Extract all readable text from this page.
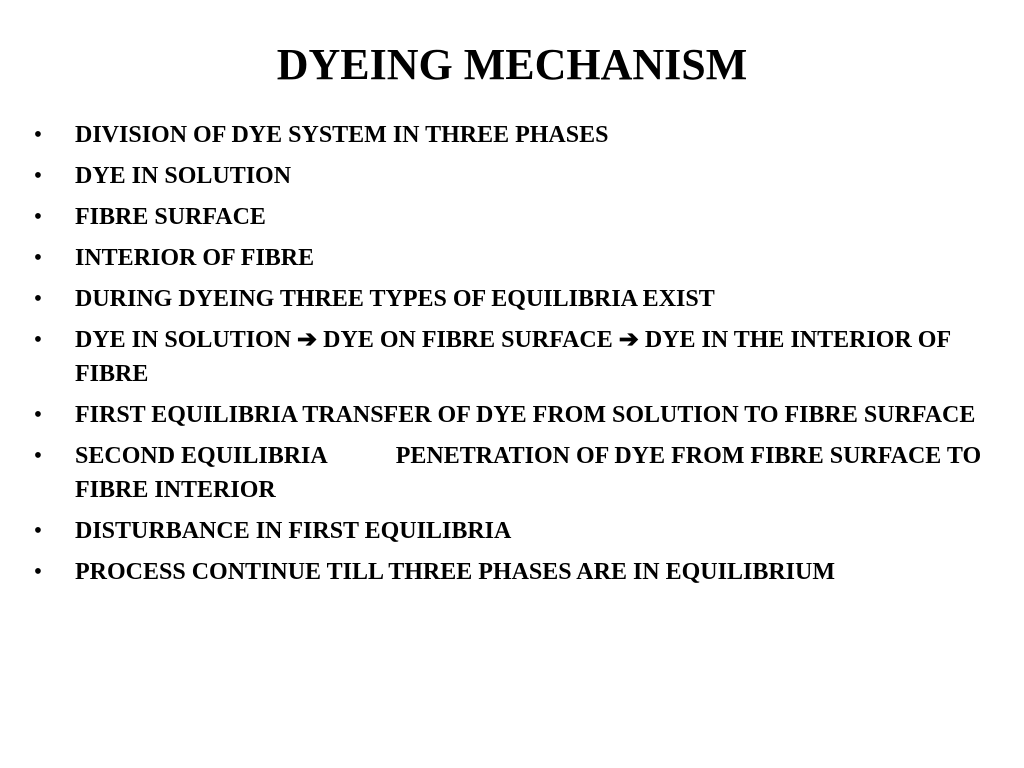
DYEING MECHANISM
• DIVISION OF DYE SYSTEM IN THREE PHASES
• DYE IN SOLUTION
• FIBRE SURFACE
• INTERIOR OF FIBRE
• DURING DYEING THREE TYPES OF EQUILIBRIA EXIST
• DYE IN SOLUTION ➔ DYE ON FIBRE SURFACE ➔ DYE IN THE INTERIOR OF FIBRE
• FIRST EQUILIBRIA TRANSFER OF DYE FROM SOLUTION TO FIBRE SURFACE
• SECOND EQUILIBRIA	PENETRATION OF DYE FROM FIBRE SURFACE TO FIBRE INTERIOR
• DISTURBANCE IN FIRST EQUILIBRIA
• PROCESS CONTINUE TILL THREE PHASES ARE IN EQUILIBRIUM
